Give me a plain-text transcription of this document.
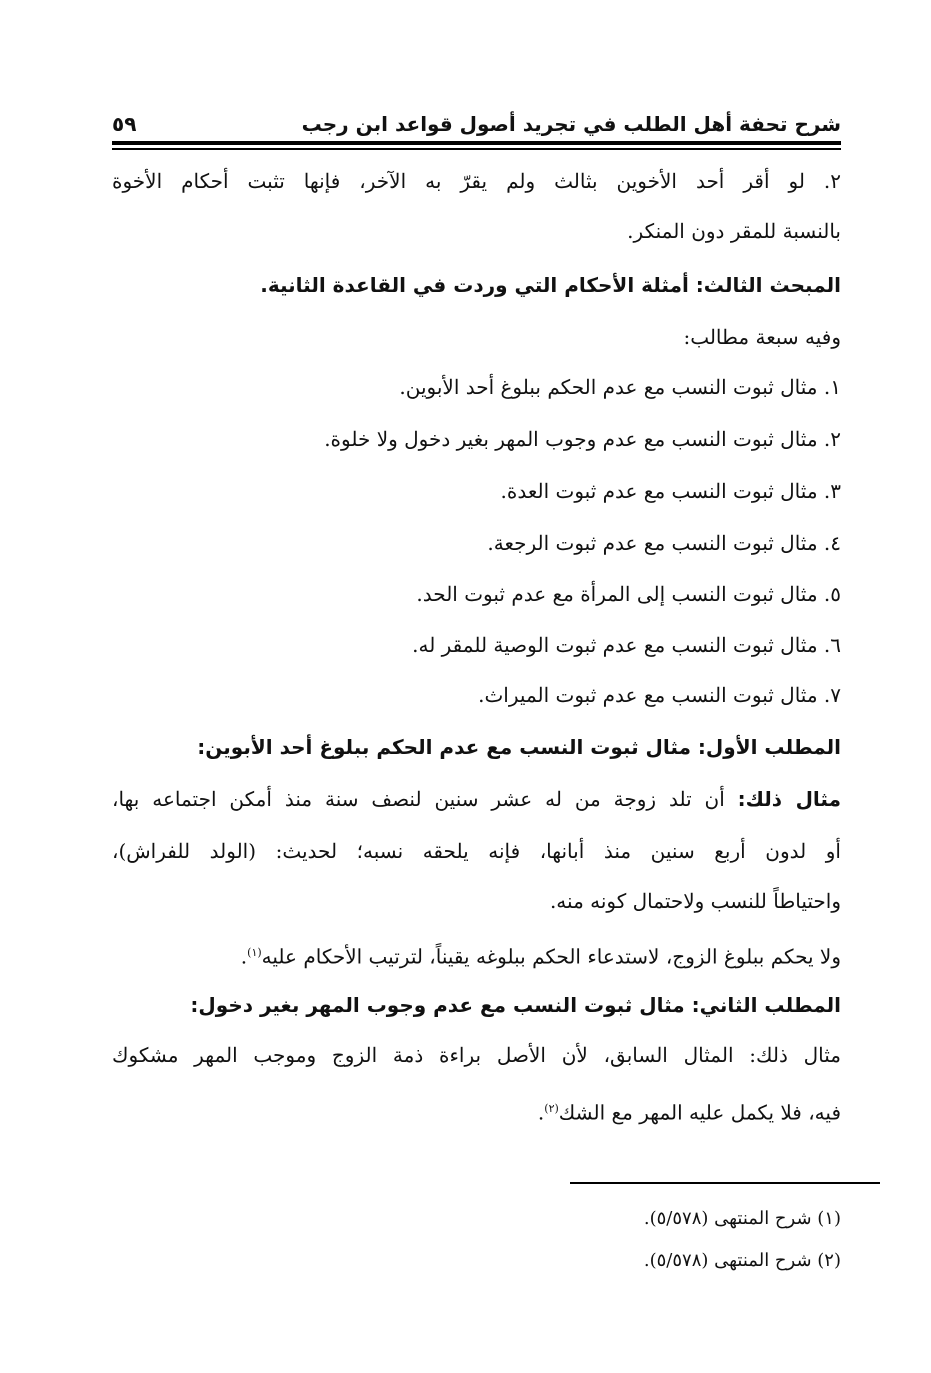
شرح تحفة أهل الطلب في تجريد أصول قواعد ابن رجب
٥٩
٢. لو أقر أحد الأخوين بثالث ولم يقرّ به الآخر، فإنها تثبت أحكام الأخوة
بالنسبة للمقر دون المنكر.
المبحث الثالث: أمثلة الأحكام التي وردت في القاعدة الثانية.
وفيه سبعة مطالب:
١. مثال ثبوت النسب مع عدم الحكم ببلوغ أحد الأبوين.
٢. مثال ثبوت النسب مع عدم وجوب المهر بغير دخول ولا خلوة.
٣. مثال ثبوت النسب مع عدم ثبوت العدة.
٤. مثال ثبوت النسب مع عدم ثبوت الرجعة.
٥. مثال ثبوت النسب إلى المرأة مع عدم ثبوت الحد.
٦. مثال ثبوت النسب مع عدم ثبوت الوصية للمقر له.
٧. مثال ثبوت النسب مع عدم ثبوت الميراث.
المطلب الأول: مثال ثبوت النسب مع عدم الحكم ببلوغ أحد الأبوين:
مثال ذلك: أن تلد زوجة من له عشر سنين لنصف سنة منذ أمكن اجتماعه بها،
أو لدون أربع سنين منذ أبانها، فإنه يلحقه نسبه؛ لحديث: (الولد للفراش)،
واحتياطاً للنسب ولاحتمال كونه منه.
ولا يحكم ببلوغ الزوج، لاستدعاء الحكم ببلوغه يقيناً، لترتيب الأحكام عليه$^{(١)}$.
المطلب الثاني: مثال ثبوت النسب مع عدم وجوب المهر بغير دخول:
مثال ذلك: المثال السابق، لأن الأصل براءة ذمة الزوج وموجب المهر مشكوك
فيه، فلا يكمل عليه المهر مع الشك$^{(٢)}$.
(١) شرح المنتهى (٥/٥٧٨).
(٢) شرح المنتهى (٥/٥٧٨).
